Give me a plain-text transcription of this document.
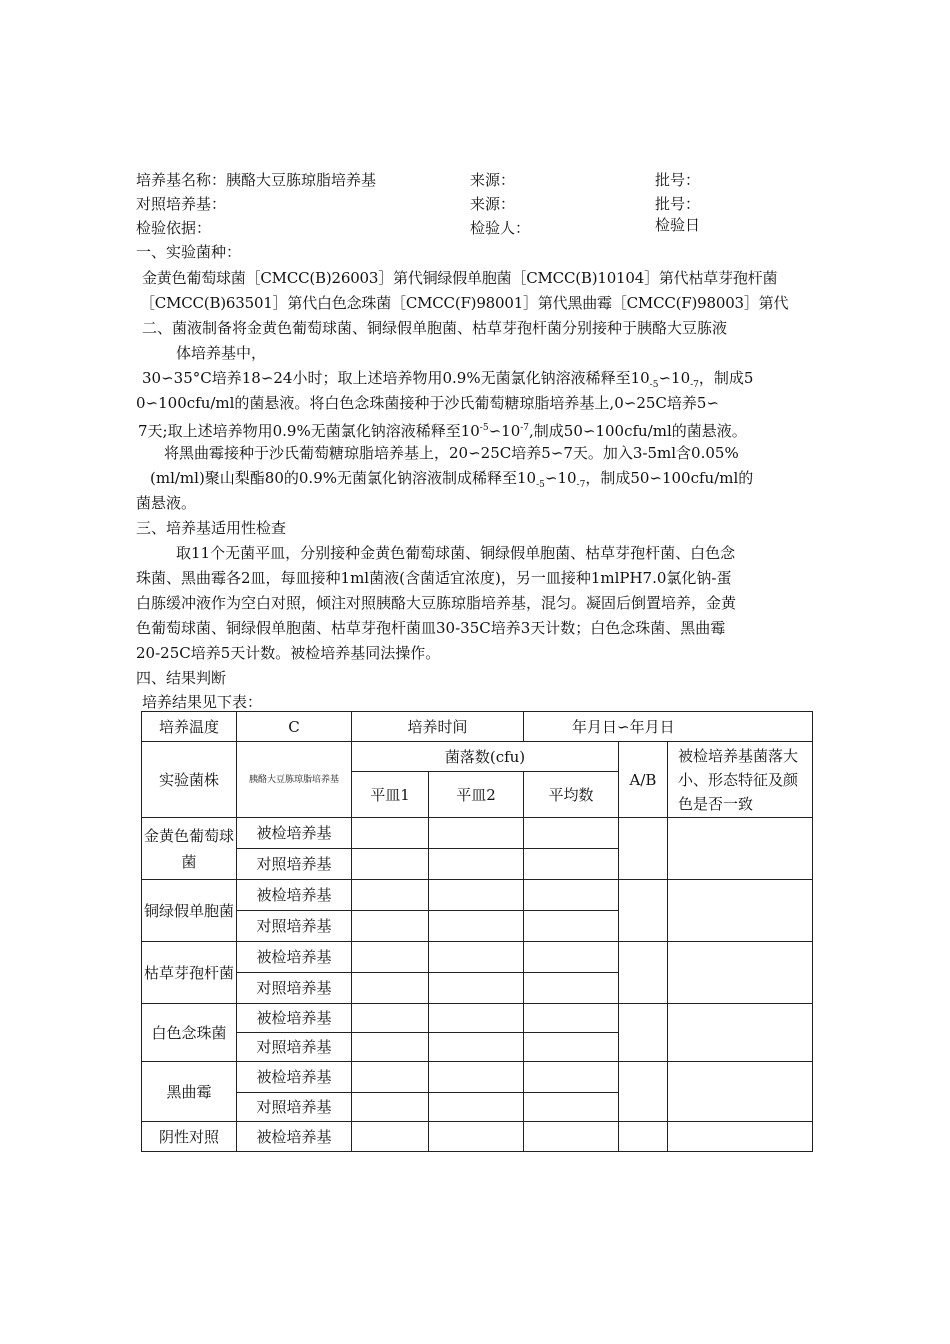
培养基名称：胰酪大豆胨琼脂培养基	来源：	批号：
对照培养基：	来源：	批号：
检验依据：	检验人：	检验日
一、实验菌种：
金黄色葡萄球菌［CMCC(B)26003］第代铜绿假单胞菌［CMCC(B)10104］第代枯草芽孢杆菌
［CMCC(B)63501］第代白色念珠菌［CMCC(F)98001］第代黑曲霉［CMCC(F)98003］第代
二、菌液制备将金黄色葡萄球菌、铜绿假单胞菌、枯草芽孢杆菌分别接种于胰酪大豆胨液
体培养基中，
30∽35°C培养18∽24小时；取上述培养物用0.9%无菌氯化钠溶液稀释至$10_{-5}∽10_{-7}$，制成5
0∽100cfu/ml的菌悬液。将白色念珠菌接种于沙氏葡萄糖琼脂培养基上,0∽25C培养5∽
7天;取上述培养物用0.9%无菌氯化钠溶液稀释至$10^{-5}∽10^{-7}$,制成50∽100cfu/ml的菌悬液。
将黑曲霉接种于沙氏葡萄糖琼脂培养基上，20∽25C培养5∽7天。加入3-5ml含0.05%
(ml/ml)聚山梨酯80的0.9%无菌氯化钠溶液制成稀释至$10_{-5}∽10_{-7}$，制成50∽100cfu/ml的
菌悬液。
三、培养基适用性检查
取11个无菌平皿，分别接种金黄色葡萄球菌、铜绿假单胞菌、枯草芽孢杆菌、白色念
珠菌、黑曲霉各2皿，每皿接种1ml菌液(含菌适宜浓度)，另一皿接种1mlPH7.0氯化钠-蛋
白胨缓冲液作为空白对照，倾注对照胰酪大豆胨琼脂培养基，混匀。凝固后倒置培养，金黄
色葡萄球菌、铜绿假单胞菌、枯草芽孢杆菌皿30-35C培养3天计数；白色念珠菌、黑曲霉
20-25C培养5天计数。被检培养基同法操作。
四、结果判断
培养结果见下表：
培养温度	C	培养时间		年月日∽年月日		
实验菌株	胰酪大豆胨琼脂培养基	菌落数(cfu)			A/B	被检培养基菌落大小、形态特征及颜色是否一致
		平皿1	平皿2	平均数		
金黄色葡萄球菌	被检培养基					
	对照培养基					
铜绿假单胞菌	被检培养基					
	对照培养基					
枯草芽孢杆菌	被检培养基					
	对照培养基					
白色念珠菌	被检培养基					
	对照培养基					
黑曲霉	被检培养基					
	对照培养基					
阴性对照	被检培养基					
